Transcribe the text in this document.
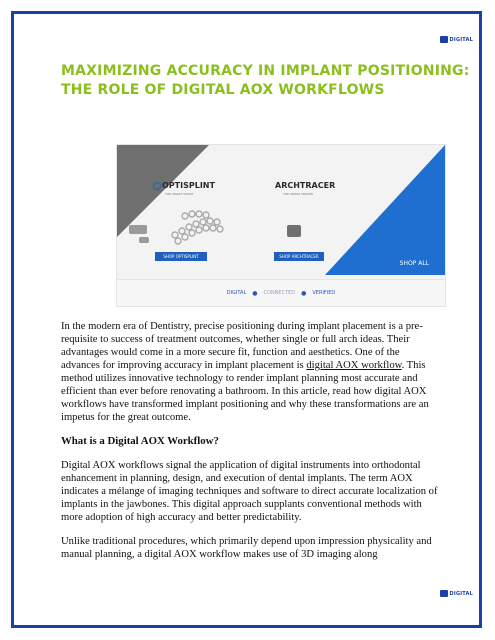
DIGITAL
MAXIMIZING ACCURACY IN IMPLANT POSITIONING:
THE ROLE OF DIGITAL AOX WORKFLOWS
OPTISPLINT
THE SMART SPLINT
SHOP OPTISPLINT
ARCHTRACER
THE SMART TRACER
SHOP ARCHTRACER
SHOP ALL
DIGITAL ● CONNECTED ● VERIFIED

In the modern era of Dentistry, precise positioning during implant placement is a pre-requisite to success of treatment outcomes, whether single or full arch ideas. Their advantages would come in a more secure fit, function and aesthetics. One of the advances for improving accuracy in implant placement is digital AOX workflow. This method utilizes innovative technology to render implant planning most accurate and efficient than ever before renovating a bathroom. In this article, read how digital AOX workflows have transformed implant positioning and why these transformations are an impetus for the great outcome.

What is a Digital AOX Workflow?

Digital AOX workflows signal the application of digital instruments into orthodontal enhancement in planning, design, and execution of dental implants. The term AOX indicates a mélange of imaging techniques and software to direct accurate localization of implants in the jawbones. This digital approach supplants conventional methods with more adoption of high accuracy and better predictability.

Unlike traditional procedures, which primarily depend upon impression physicality and manual planning, a digital AOX workflow makes use of 3D imaging along

DIGITAL
